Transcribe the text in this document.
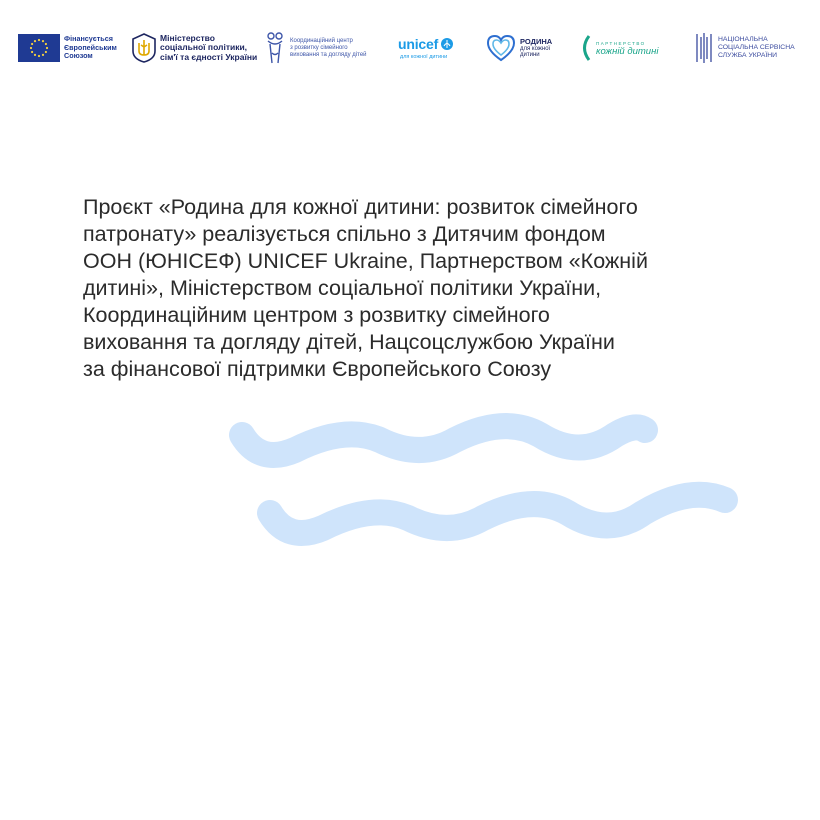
Фінансується
Європейським
Союзом
Міністерство
соціальної політики,
сім'ї та єдності України
Координаційний центр
з розвитку сімейного
виховання та догляду дітей
unicef
для кожної дитини
РОДИНА
для кожної
дитини
ПАРТНЕРСТВО
кожній дитині
НАЦІОНАЛЬНА
СОЦІАЛЬНА СЕРВІСНА
СЛУЖБА УКРАЇНИ

Проєкт «Родина для кожної дитини: розвиток сімейного
патронату» реалізується спільно з Дитячим фондом
ООН (ЮНІСЕФ) UNICEF Ukraine, Партнерством «Кожній
дитині», Міністерством соціальної політики України,
Координаційним центром з розвитку сімейного
виховання та догляду дітей, Нацсоцслужбою України
за фінансової підтримки Європейського Союзу
